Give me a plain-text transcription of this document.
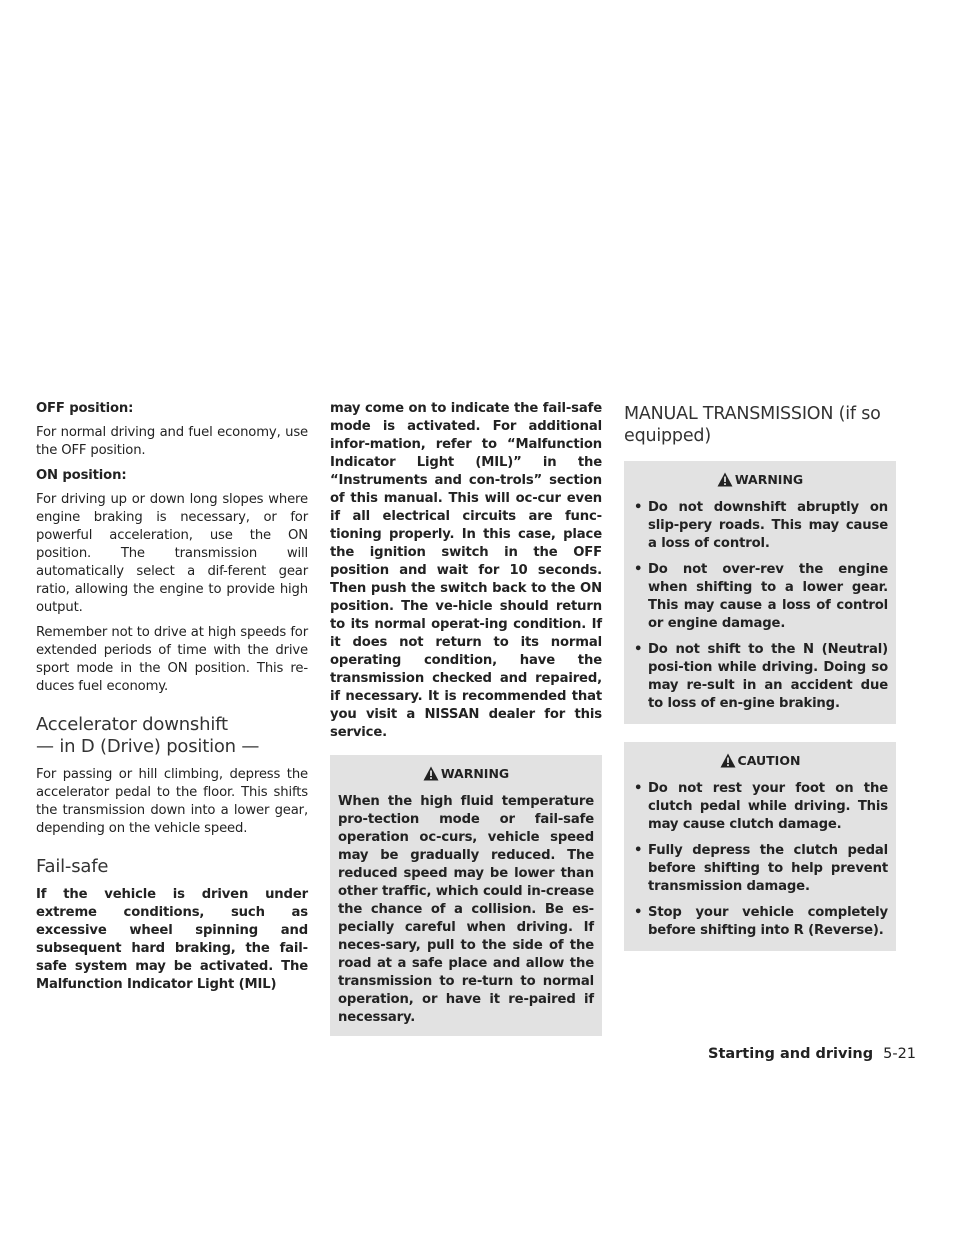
OFF position:

For normal driving and fuel economy, use the OFF position.

ON position:

For driving up or down long slopes where engine braking is necessary, or for powerful acceleration, use the ON position. The transmission will automatically select a dif-ferent gear ratio, allowing the engine to provide high output.

Remember not to drive at high speeds for extended periods of time with the drive sport mode in the ON position. This re-duces fuel economy.

Accelerator downshift
— in D (Drive) position —

For passing or hill climbing, depress the accelerator pedal to the floor. This shifts the transmission down into a lower gear, depending on the vehicle speed.

Fail-safe

If the vehicle is driven under extreme conditions, such as excessive wheel spinning and subsequent hard braking, the fail-safe system may be activated. The Malfunction Indicator Light (MIL)

may come on to indicate the fail-safe mode is activated. For additional infor-mation, refer to “Malfunction Indicator Light (MIL)” in the “Instruments and con-trols” section of this manual. This will oc-cur even if all electrical circuits are func-tioning properly. In this case, place the ignition switch in the OFF position and wait for 10 seconds. Then push the switch back to the ON position. The ve-hicle should return to its normal operat-ing condition. If it does not return to its normal operating condition, have the transmission checked and repaired, if necessary. It is recommended that you visit a NISSAN dealer for this service.

WARNING

When the high fluid temperature pro-tection mode or fail-safe operation oc-curs, vehicle speed may be gradually reduced. The reduced speed may be lower than other traffic, which could in-crease the chance of a collision. Be es-pecially careful when driving. If neces-sary, pull to the side of the road at a safe place and allow the transmission to re-turn to normal operation, or have it re-paired if necessary.

MANUAL TRANSMISSION (if so equipped)
WARNING
• Do not downshift abruptly on slip-pery roads. This may cause a loss of control.
• Do not over-rev the engine when shifting to a lower gear. This may cause a loss of control or engine damage.
• Do not shift to the N (Neutral) posi-tion while driving. Doing so may re-sult in an accident due to loss of en-gine braking.
CAUTION
• Do not rest your foot on the clutch pedal while driving. This may cause clutch damage.
• Fully depress the clutch pedal before shifting to help prevent transmission damage.
• Stop your vehicle completely before shifting into R (Reverse).
Starting and driving 5-21
